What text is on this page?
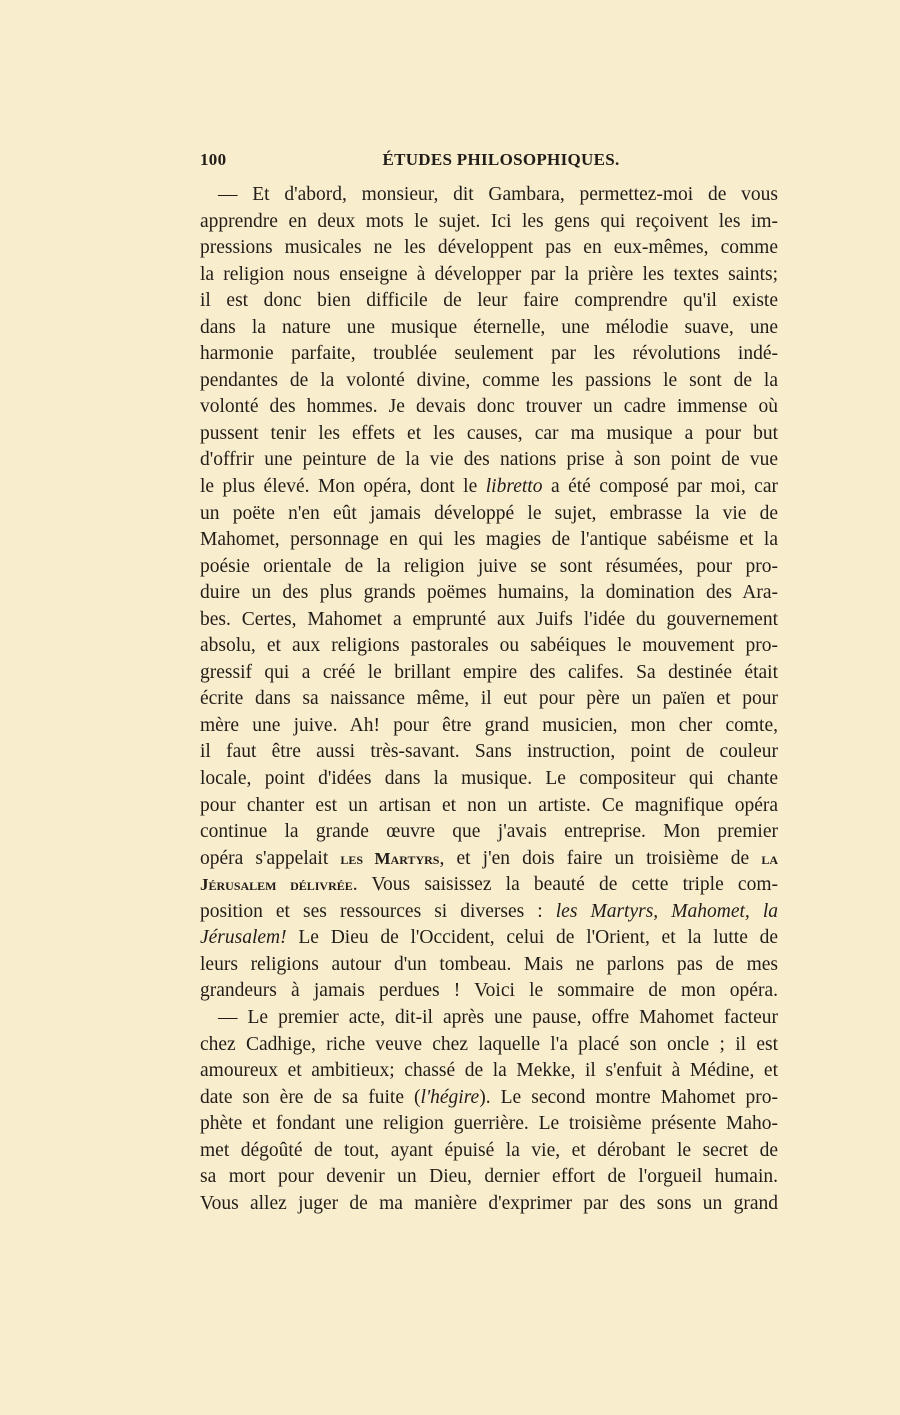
100	ÉTUDES PHILOSOPHIQUES.
— Et d'abord, monsieur, dit Gambara, permettez-moi de vous
apprendre en deux mots le sujet. Ici les gens qui reçoivent les im-
pressions musicales ne les développent pas en eux-mêmes, comme
la religion nous enseigne à développer par la prière les textes saints;
il est donc bien difficile de leur faire comprendre qu'il existe
dans la nature une musique éternelle, une mélodie suave, une
harmonie parfaite, troublée seulement par les révolutions indé-
pendantes de la volonté divine, comme les passions le sont de la
volonté des hommes. Je devais donc trouver un cadre immense où
pussent tenir les effets et les causes, car ma musique a pour but
d'offrir une peinture de la vie des nations prise à son point de vue
le plus élevé. Mon opéra, dont le libretto a été composé par moi, car
un poëte n'en eût jamais développé le sujet, embrasse la vie de
Mahomet, personnage en qui les magies de l'antique sabéisme et la
poésie orientale de la religion juive se sont résumées, pour pro-
duire un des plus grands poëmes humains, la domination des Ara-
bes. Certes, Mahomet a emprunté aux Juifs l'idée du gouvernement
absolu, et aux religions pastorales ou sabéiques le mouvement pro-
gressif qui a créé le brillant empire des califes. Sa destinée était
écrite dans sa naissance même, il eut pour père un païen et pour
mère une juive. Ah! pour être grand musicien, mon cher comte,
il faut être aussi très-savant. Sans instruction, point de couleur
locale, point d'idées dans la musique. Le compositeur qui chante
pour chanter est un artisan et non un artiste. Ce magnifique opéra
continue la grande œuvre que j'avais entreprise. Mon premier
opéra s'appelait les Martyrs, et j'en dois faire un troisième de la
Jérusalem délivrée. Vous saisissez la beauté de cette triple com-
position et ses ressources si diverses : les Martyrs, Mahomet, la
Jérusalem! Le Dieu de l'Occident, celui de l'Orient, et la lutte de
leurs religions autour d'un tombeau. Mais ne parlons pas de mes
grandeurs à jamais perdues ! Voici le sommaire de mon opéra.
— Le premier acte, dit-il après une pause, offre Mahomet facteur
chez Cadhige, riche veuve chez laquelle l'a placé son oncle ; il est
amoureux et ambitieux; chassé de la Mekke, il s'enfuit à Médine, et
date son ère de sa fuite (l'hégire). Le second montre Mahomet pro-
phète et fondant une religion guerrière. Le troisième présente Maho-
met dégoûté de tout, ayant épuisé la vie, et dérobant le secret de
sa mort pour devenir un Dieu, dernier effort de l'orgueil humain.
Vous allez juger de ma manière d'exprimer par des sons un grand
